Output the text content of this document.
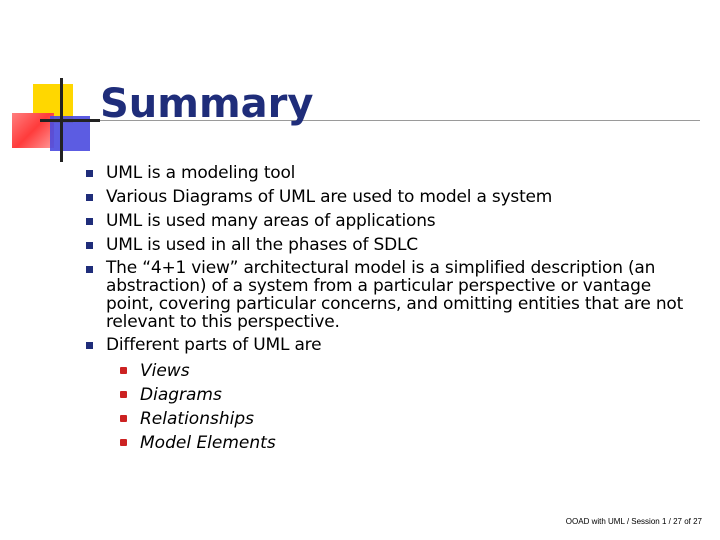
Summary
UML is a modeling tool
Various Diagrams of UML are used to model a system
UML is used many areas of applications
UML is used in all the phases of SDLC
The “4+1 view” architectural model is a simplified description (an abstraction) of a system from a particular perspective or vantage point, covering particular concerns, and omitting entities that are not relevant to this perspective.
Different parts of UML are
Views
Diagrams
Relationships
Model Elements
OOAD with UML / Session 1 / 27 of 27
